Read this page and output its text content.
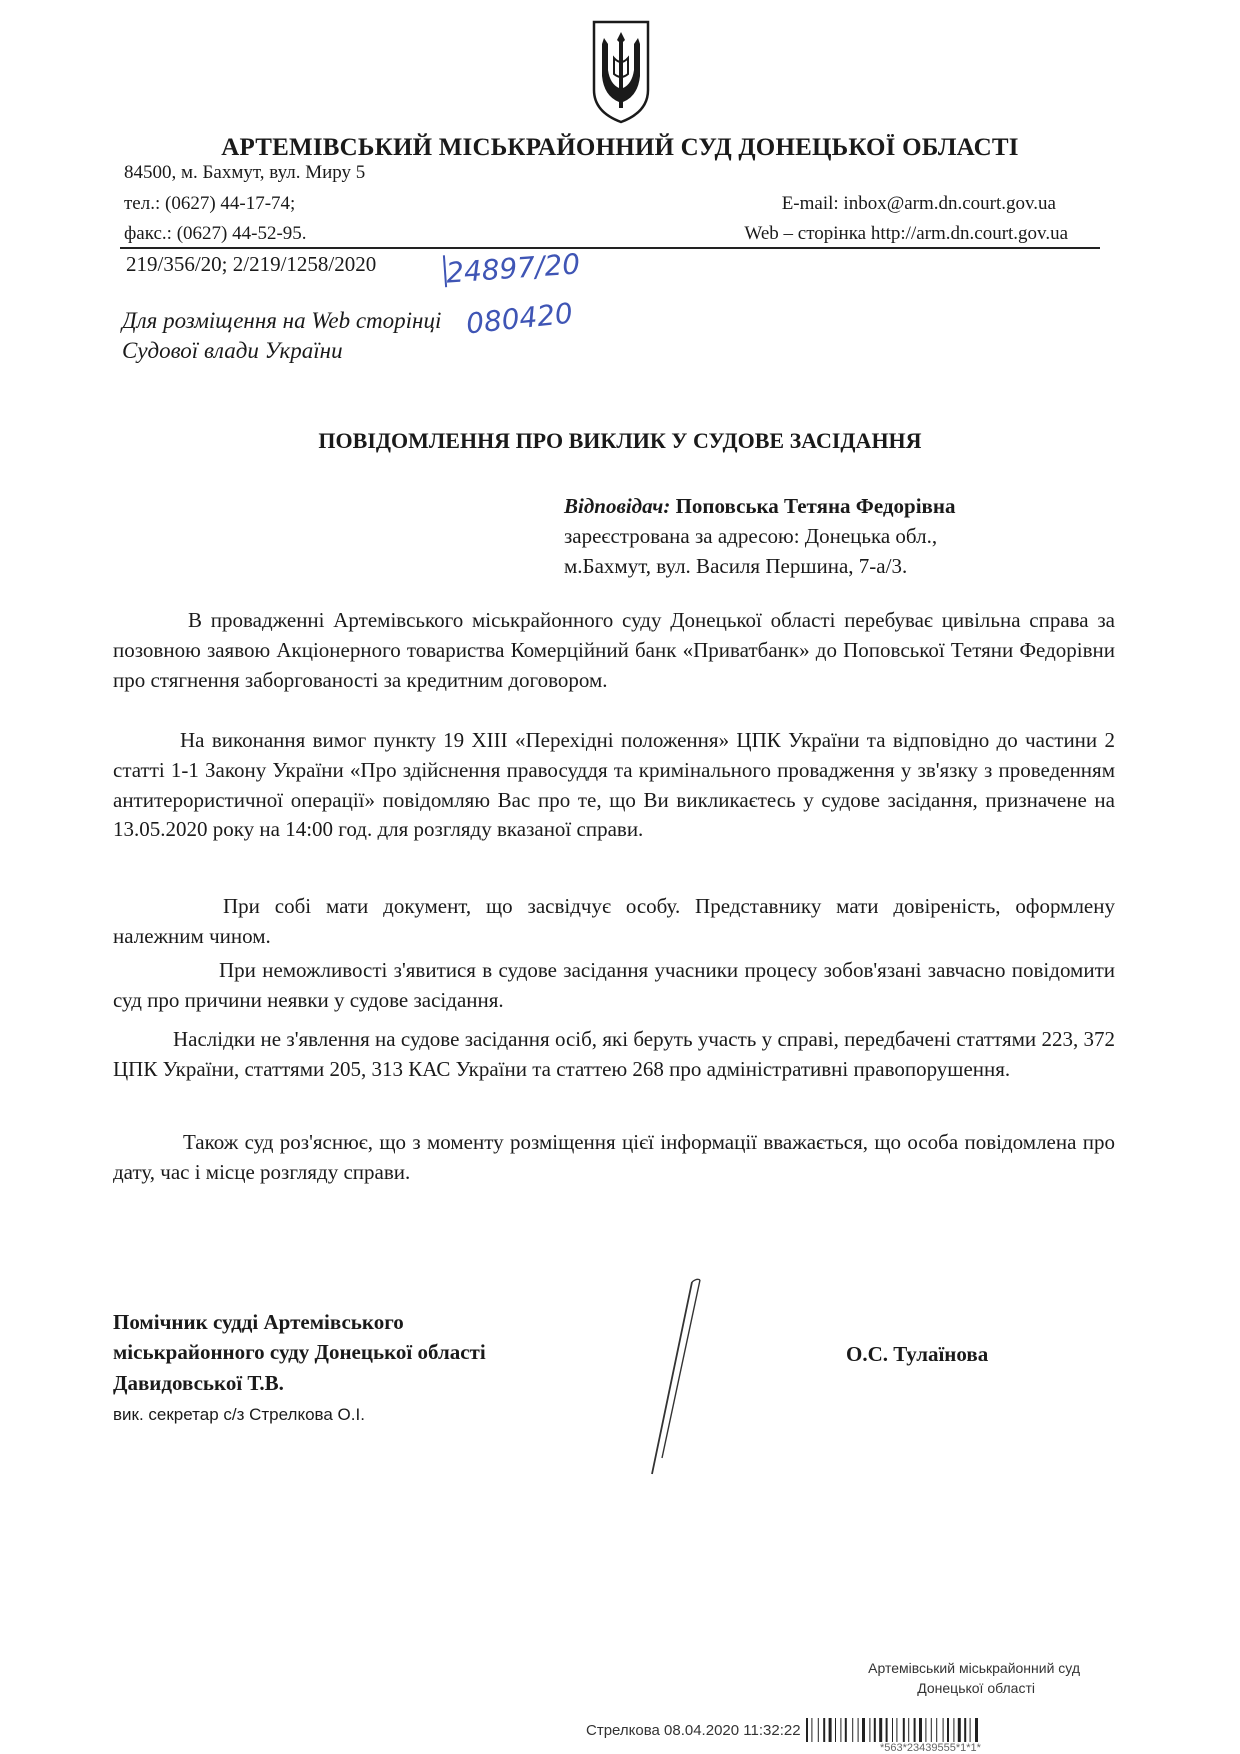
АРТЕМІВСЬКИЙ МІСЬКРАЙОННИЙ СУД ДОНЕЦЬКОЇ ОБЛАСТІ
84500, м. Бахмут, вул. Миру 5
тел.: (0627) 44-17-74;
факс.: (0627) 44-52-95.
E-mail: inbox@arm.dn.court.gov.ua
Web – сторінка http://arm.dn.court.gov.ua
219/356/20; 2/219/1258/2020 24897/20
080420
Для розміщення на Web сторінці
Судової влади України
ПОВІДОМЛЕННЯ ПРО ВИКЛИК У СУДОВЕ ЗАСІДАННЯ
Відповідач: Поповська Тетяна Федорівна
зареєстрована за адресою: Донецька обл.,
м.Бахмут, вул. Василя Першина, 7-а/3.
В провадженні Артемівського міськрайонного суду Донецької області перебуває цивільна справа за позовною заявою Акціонерного товариства Комерційний банк «Приватбанк» до Поповської Тетяни Федорівни про стягнення заборгованості за кредитним договором.
На виконання вимог пункту 19 XIII «Перехідні положення» ЦПК України та відповідно до частини 2 статті 1-1 Закону України «Про здійснення правосуддя та кримінального провадження у зв'язку з проведенням антитерористичної операції» повідомляю Вас про те, що Ви викликаєтесь у судове засідання, призначене на 13.05.2020 року на 14:00 год. для розгляду вказаної справи.
При собі мати документ, що засвідчує особу. Представнику мати довіреність, оформлену належним чином.
При неможливості з'явитися в судове засідання учасники процесу зобов'язані завчасно повідомити суд про причини неявки у судове засідання.
Наслідки не з'явлення на судове засідання осіб, які беруть участь у справі, передбачені статтями 223, 372 ЦПК України, статтями 205, 313 КАС України та статтею 268 про адміністративні правопорушення.
Також суд роз'яснює, що з моменту розміщення цієї інформації вважається, що особа повідомлена про дату, час і місце розгляду справи.
Помічник судді Артемівського
міськрайонного суду Донецької області
Давидовської Т.В.
вик. секретар с/з Стрелкова О.І.
О.С. Тулаїнова
Артемівський міськрайонний суд
Донецької області
Стрелкова 08.04.2020 11:32:22
*563*23439555*1*1*
